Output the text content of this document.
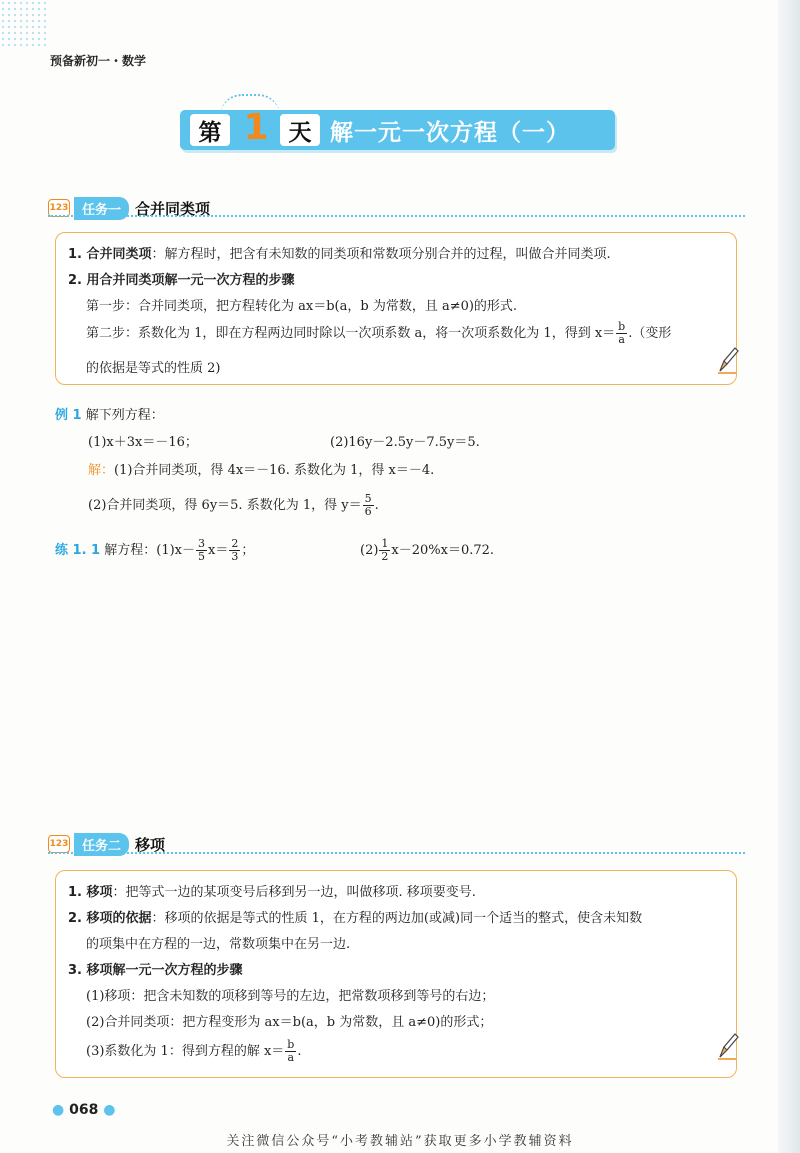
预备新初一・数学
第 1 天 解一元一次方程（一）
123	任务一 合并同类项
1. 合并同类项：解方程时，把含有未知数的同类项和常数项分别合并的过程，叫做合并同类项.
2. 用合并同类项解一元一次方程的步骤
第一步：合并同类项，把方程转化为 ax＝b(a，b 为常数，且 a≠0)的形式.
第二步：系数化为 1，即在方程两边同时除以一次项系数 a，将一次项系数化为 1，得到 $x= \frac{b}{a}$ .（变形
的依据是等式的性质 2)
例 1 解下列方程：
(1)x＋3x＝－16；	(2)16y－2.5y－7.5y＝5.
解：(1)合并同类项，得 4x＝－16. 系数化为 1，得 x＝－4.
(2)合并同类项，得 6y＝5. 系数化为 1，得 $y= \frac{5}{6}$ .
练 1. 1 解方程：$(1)x- \frac{3}{5} x= \frac{2}{3}$ ；	$(2) \frac{1}{2} x-20\%x=0.72$.
123	任务二 移项
1. 移项：把等式一边的某项变号后移到另一边，叫做移项. 移项要变号.
2. 移项的依据：移项的依据是等式的性质 1，在方程的两边加(或减)同一个适当的整式，使含未知数
的项集中在方程的一边，常数项集中在另一边.
3. 移项解一元一次方程的步骤
(1)移项：把含未知数的项移到等号的左边，把常数项移到等号的右边；
(2)合并同类项：把方程变形为 ax＝b(a，b 为常数，且 a≠0)的形式；
(3)系数化为 1：得到方程的解 $x= \frac{b}{a}$ .
● 068 ●
关注微信公众号“小考教辅站”获取更多小学教辅资料
